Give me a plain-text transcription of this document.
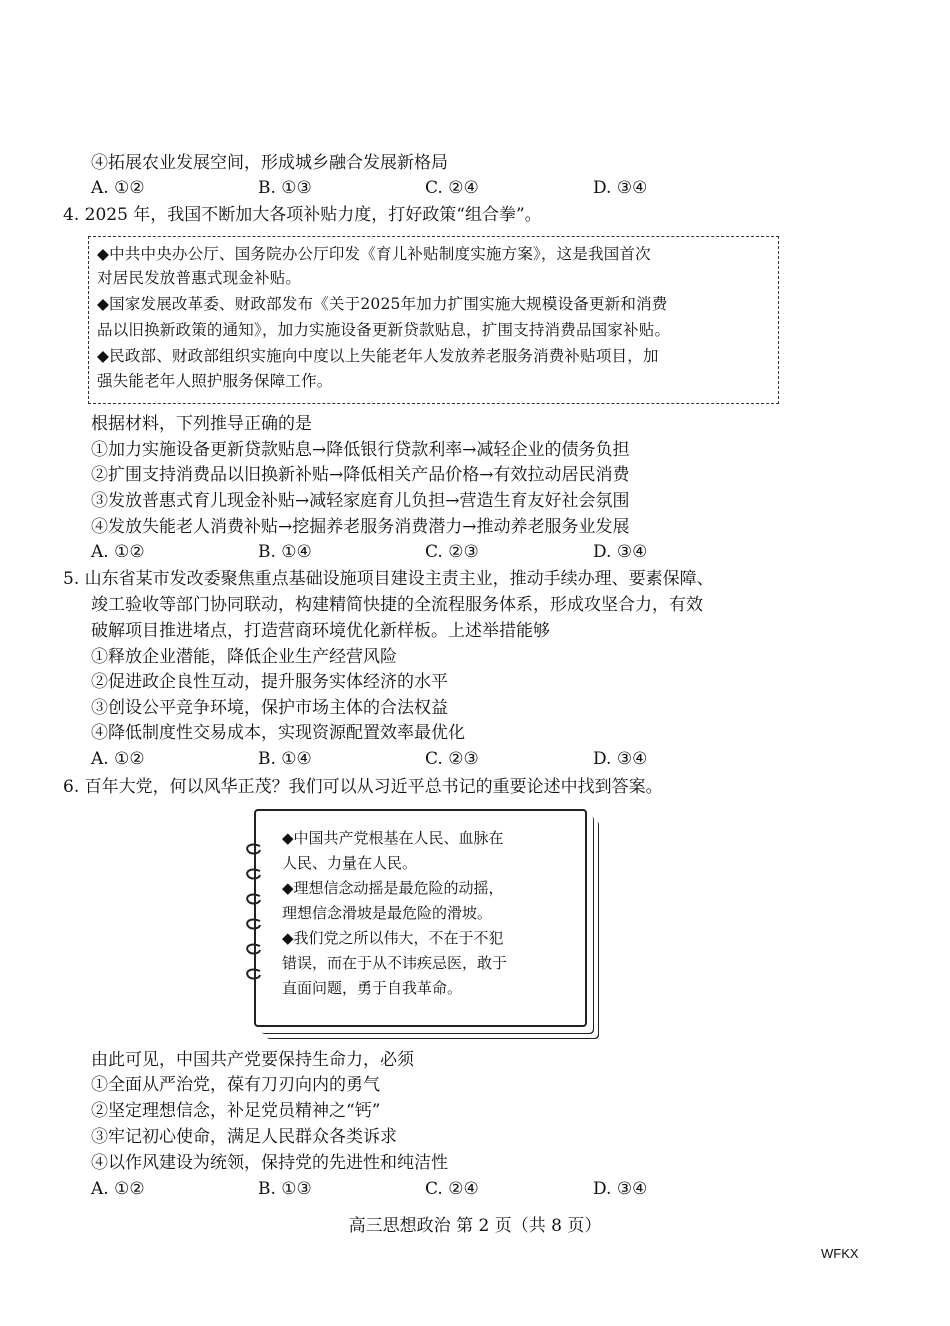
④拓展农业发展空间，形成城乡融合发展新格局
A. ①②	B. ①③	C. ②④	D. ③④
4. 2025 年，我国不断加大各项补贴力度，打好政策“组合拳”。
◆中共中央办公厅、国务院办公厅印发《育儿补贴制度实施方案》，这是我国首次
对居民发放普惠式现金补贴。
◆国家发展改革委、财政部发布《关于2025年加力扩围实施大规模设备更新和消费
品以旧换新政策的通知》，加力实施设备更新贷款贴息，扩围支持消费品国家补贴。
◆民政部、财政部组织实施向中度以上失能老年人发放养老服务消费补贴项目，加
强失能老年人照护服务保障工作。
根据材料，下列推导正确的是
①加力实施设备更新贷款贴息→降低银行贷款利率→减轻企业的债务负担
②扩围支持消费品以旧换新补贴→降低相关产品价格→有效拉动居民消费
③发放普惠式育儿现金补贴→减轻家庭育儿负担→营造生育友好社会氛围
④发放失能老人消费补贴→挖掘养老服务消费潜力→推动养老服务业发展
A. ①②	B. ①④	C. ②③	D. ③④
5. 山东省某市发改委聚焦重点基础设施项目建设主责主业，推动手续办理、要素保障、
竣工验收等部门协同联动，构建精简快捷的全流程服务体系，形成攻坚合力，有效
破解项目推进堵点，打造营商环境优化新样板。上述举措能够
①释放企业潜能，降低企业生产经营风险
②促进政企良性互动，提升服务实体经济的水平
③创设公平竞争环境，保护市场主体的合法权益
④降低制度性交易成本，实现资源配置效率最优化
A. ①②	B. ①④	C. ②③	D. ③④
6. 百年大党，何以风华正茂？我们可以从习近平总书记的重要论述中找到答案。
◆中国共产党根基在人民、血脉在
人民、力量在人民。
◆理想信念动摇是最危险的动摇，
理想信念滑坡是最危险的滑坡。
◆我们党之所以伟大，不在于不犯
错误，而在于从不讳疾忌医，敢于
直面问题，勇于自我革命。
由此可见，中国共产党要保持生命力，必须
①全面从严治党，葆有刀刃向内的勇气
②坚定理想信念，补足党员精神之“钙”
③牢记初心使命，满足人民群众各类诉求
④以作风建设为统领，保持党的先进性和纯洁性
A. ①②	B. ①③	C. ②④	D. ③④
高三思想政治 第 2 页（共 8 页）
WFKX
